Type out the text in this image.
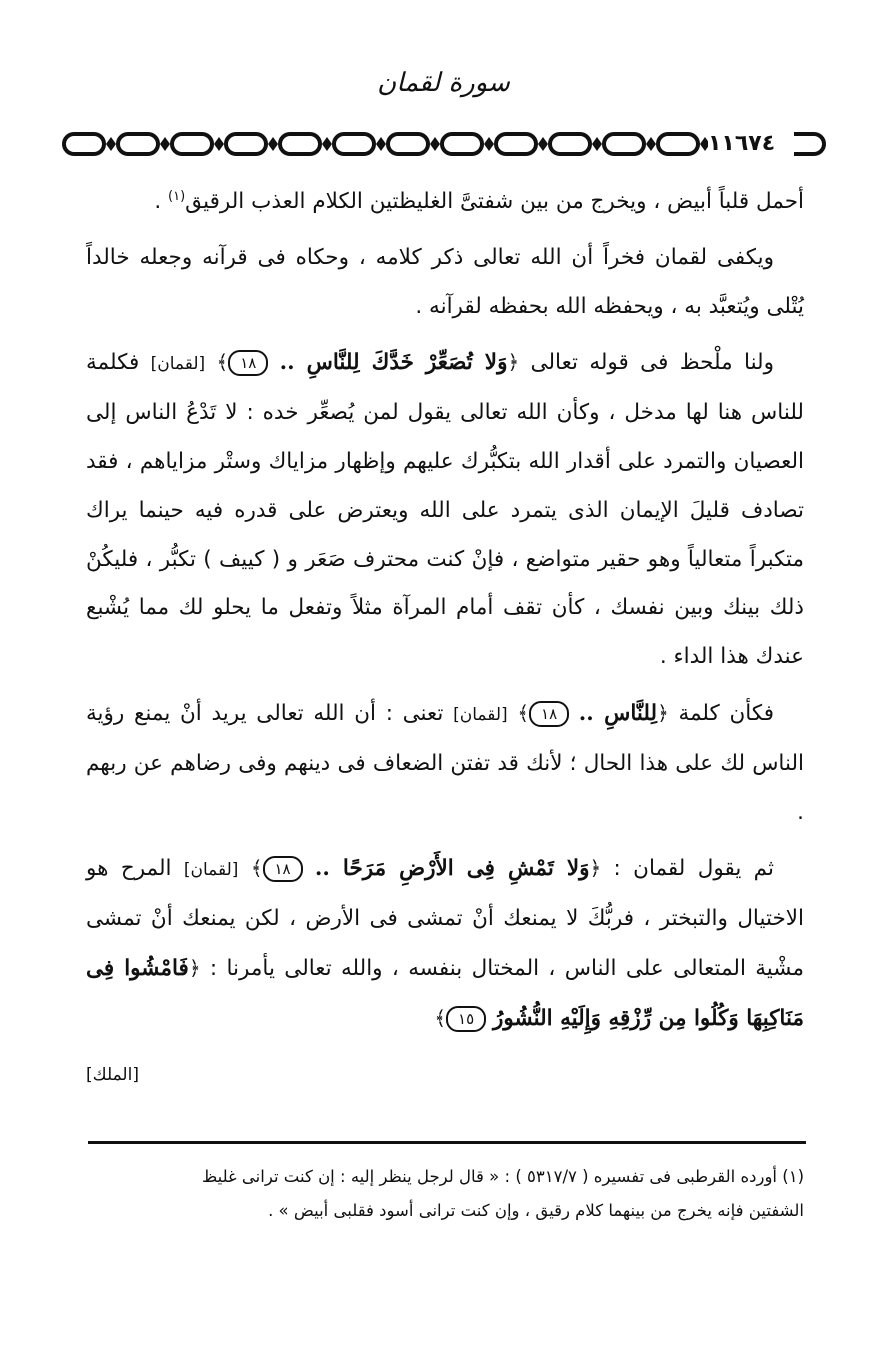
سورة لقمان
١١٦٧٤

أحمل قلباً أبيض ، ويخرج من بين شفتىَّ الغليظتين الكلام العذب الرقيق$^{(١)}$ .

ويكفى لقمان فخراً أن الله تعالى ذكر كلامه ، وحكاه فى قرآنه وجعله خالداً يُتْلى ويُتعبَّد به ، ويحفظه الله بحفظه لقرآنه .

ولنا ملْحظ فى قوله تعالى ﴿وَلا تُصَعِّرْ خَدَّكَ لِلنَّاسِ .. ١٨﴾ [لقمان] فكلمة للناس هنا لها مدخل ، وكأن الله تعالى يقول لمن يُصعِّر خده : لا تَدْعُ الناس إلى العصيان والتمرد على أقدار الله بتكبُّرك عليهم وإظهار مزاياك وستْر مزاياهم ، فقد تصادف قليلَ الإيمان الذى يتمرد على الله ويعترض على قدره فيه حينما يراك متكبراً متعالياً وهو حقير متواضع ، فإنْ كنت محترف صَعَر و ( كييف ) تكبُّر ، فليكُنْ ذلك بينك وبين نفسك ، كأن تقف أمام المرآة مثلاً وتفعل ما يحلو لك مما يُشْبع عندك هذا الداء .

فكأن كلمة ﴿لِلنَّاسِ .. ١٨﴾ [لقمان] تعنى : أن الله تعالى يريد أنْ يمنع رؤية الناس لك على هذا الحال ؛ لأنك قد تفتن الضعاف فى دينهم وفى رضاهم عن ربهم .

ثم يقول لقمان : ﴿وَلا تَمْشِ فِى الأَرْضِ مَرَحًا .. ١٨﴾ [لقمان] المرح هو الاختيال والتبختر ، فربُّكَ لا يمنعك أنْ تمشى فى الأرض ، لكن يمنعك أنْ تمشى مشْية المتعالى على الناس ، المختال بنفسه ، والله تعالى يأمرنا : ﴿فَامْشُوا فِى مَنَاكِبِهَا وَكُلُوا مِن رِّزْقِهِ وَإِلَيْهِ النُّشُورُ ١٥﴾

[الملك]

(١) أورده القرطبى فى تفسيره ( ٥٣١٧/٧ ) : « قال لرجل ينظر إليه : إن كنت ترانى غليظ

الشفتين فإنه يخرج من بينهما كلام رقيق ، وإن كنت ترانى أسود فقلبى أبيض » .
